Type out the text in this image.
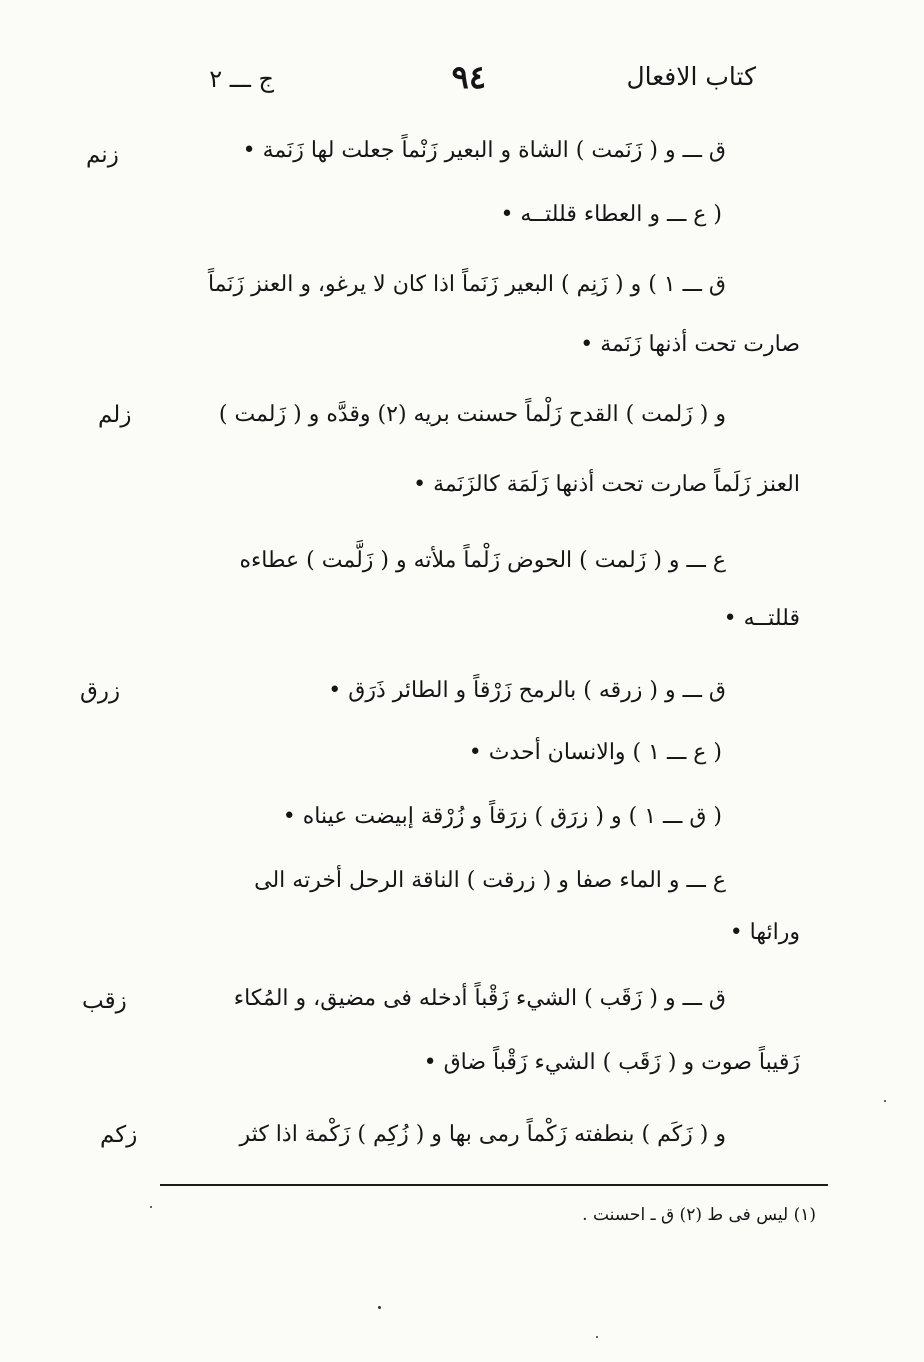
كتاب الافعال
٩٤
ج ـــ ٢
زنم
زلم
زرق
زقب
زكم
ق ـــ و ( زَنَمت ) الشاة و البعير زَنْماً جعلت لها زَنَمة •
( ع ـــ و العطاء قللتــه •
ق ـــ ١ ) و ( زَنِم ) البعير زَنَماً اذا كان لا يرغو، و العنز زَنَماً
صارت تحت أذنها زَنَمة •
و ( زَلمت ) القدح زَلْماً حسنت بريه (٢) وقدَّه و ( زَلمت )
العنز زَلَماً صارت تحت أذنها زَلَمَة كالزَنَمة •
ع ـــ و ( زَلمت ) الحوض زَلْماً ملأته و ( زَلَّمت ) عطاءه
قللتــه •
ق ـــ و ( زرقه ) بالرمح زَرْقاً و الطائر ذَرَق •
( ع ـــ ١ ) والانسان أحدث •
( ق ـــ ١ ) و ( زرَق ) زرَقاً و زُرْقة إبيضت عيناه •
ع ـــ و الماء صفا و ( زرقت ) الناقة الرحل أخرته الى
ورائها •
ق ـــ و ( زَقَب ) الشيء زَقْباً أدخله فى مضيق، و المُكاء
زَقيباً صوت و ( زَقَب ) الشيء زَقْباً ضاق •
و ( زَكَم ) بنطفته زَكْماً رمى بها و ( زُكِم ) زَكْمة اذا كثر
(١) ليس فى ط (٢) ق ـ احسنت .
